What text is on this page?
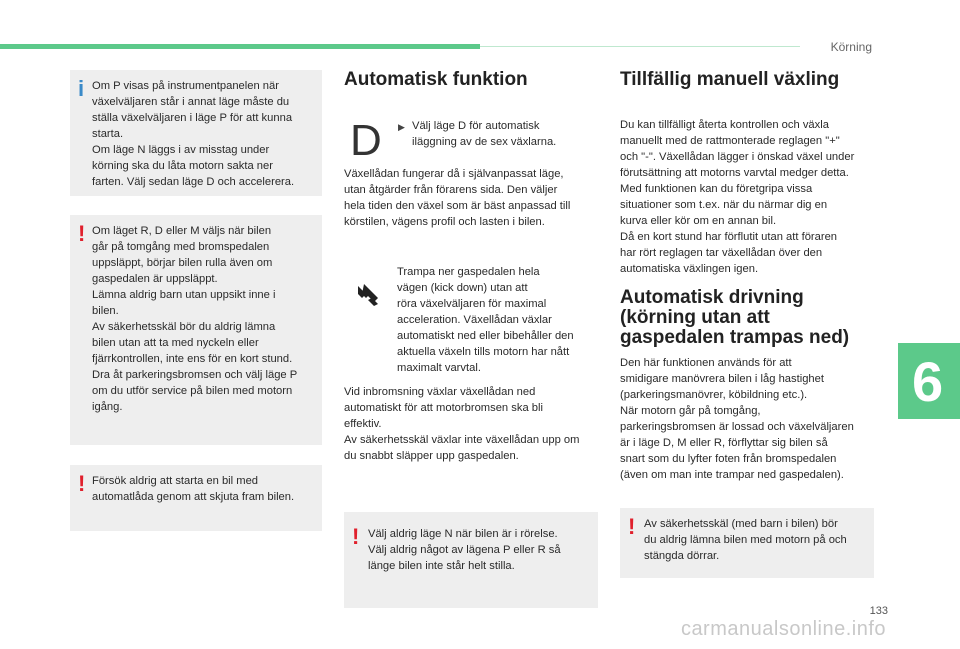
Körning
i Om P visas på instrumentpanelen när
växelväljaren står i annat läge måste du
ställa växelväljaren i läge P för att kunna
starta.
Om läge N läggs i av misstag under
körning ska du låta motorn sakta ner
farten. Välj sedan läge D och accelerera.

! Om läget R, D eller M väljs när bilen
går på tomgång med bromspedalen
uppsläppt, börjar bilen rulla även om
gaspedalen är uppsläppt.
Lämna aldrig barn utan uppsikt inne i
bilen.
Av säkerhetsskäl bör du aldrig lämna
bilen utan att ta med nyckeln eller
fjärrkontrollen, inte ens för en kort stund.
Dra åt parkeringsbromsen och välj läge P
om du utför service på bilen med motorn
igång.

! Försök aldrig att starta en bil med
automatlåda genom att skjuta fram bilen.

Automatisk funktion
D ▶ Välj läge D för automatisk
iläggning av de sex växlarna.

Växellådan fungerar då i självanpassat läge,
utan åtgärder från förarens sida. Den väljer
hela tiden den växel som är bäst anpassad till
körstilen, vägens profil och lasten i bilen.

Trampa ner gaspedalen hela
vägen (kick down) utan att
röra växelväljaren för maximal
acceleration. Växellådan växlar
automatiskt ned eller bibehåller den
aktuella växeln tills motorn har nått
maximalt varvtal.

Vid inbromsning växlar växellådan ned
automatiskt för att motorbromsen ska bli
effektiv.
Av säkerhetsskäl växlar inte växellådan upp om
du snabbt släpper upp gaspedalen.

! Välj aldrig läge N när bilen är i rörelse.
Välj aldrig något av lägena P eller R så
länge bilen inte står helt stilla.

Tillfällig manuell växling

Du kan tillfälligt återta kontrollen och växla
manuellt med de rattmonterade reglagen "+"
och "-". Växellådan lägger i önskad växel under
förutsättning att motorns varvtal medger detta.
Med funktionen kan du företgripa vissa
situationer som t.ex. när du närmar dig en
kurva eller kör om en annan bil.
Då en kort stund har förflutit utan att föraren
har rört reglagen tar växellådan över den
automatiska växlingen igen.

Automatisk drivning
(körning utan att
gaspedalen trampas ned)

Den här funktionen används för att
smidigare manövrera bilen i låg hastighet
(parkeringsmanövrer, köbildning etc.).
När motorn går på tomgång,
parkeringsbromsen är lossad och växelväljaren
är i läge D, M eller R, förflyttar sig bilen så
snart som du lyfter foten från bromspedalen
(även om man inte trampar ned gaspedalen).

! Av säkerhetsskäl (med barn i bilen) bör
du aldrig lämna bilen med motorn på och
stängda dörrar.

6
133
carmanualsonline.info
